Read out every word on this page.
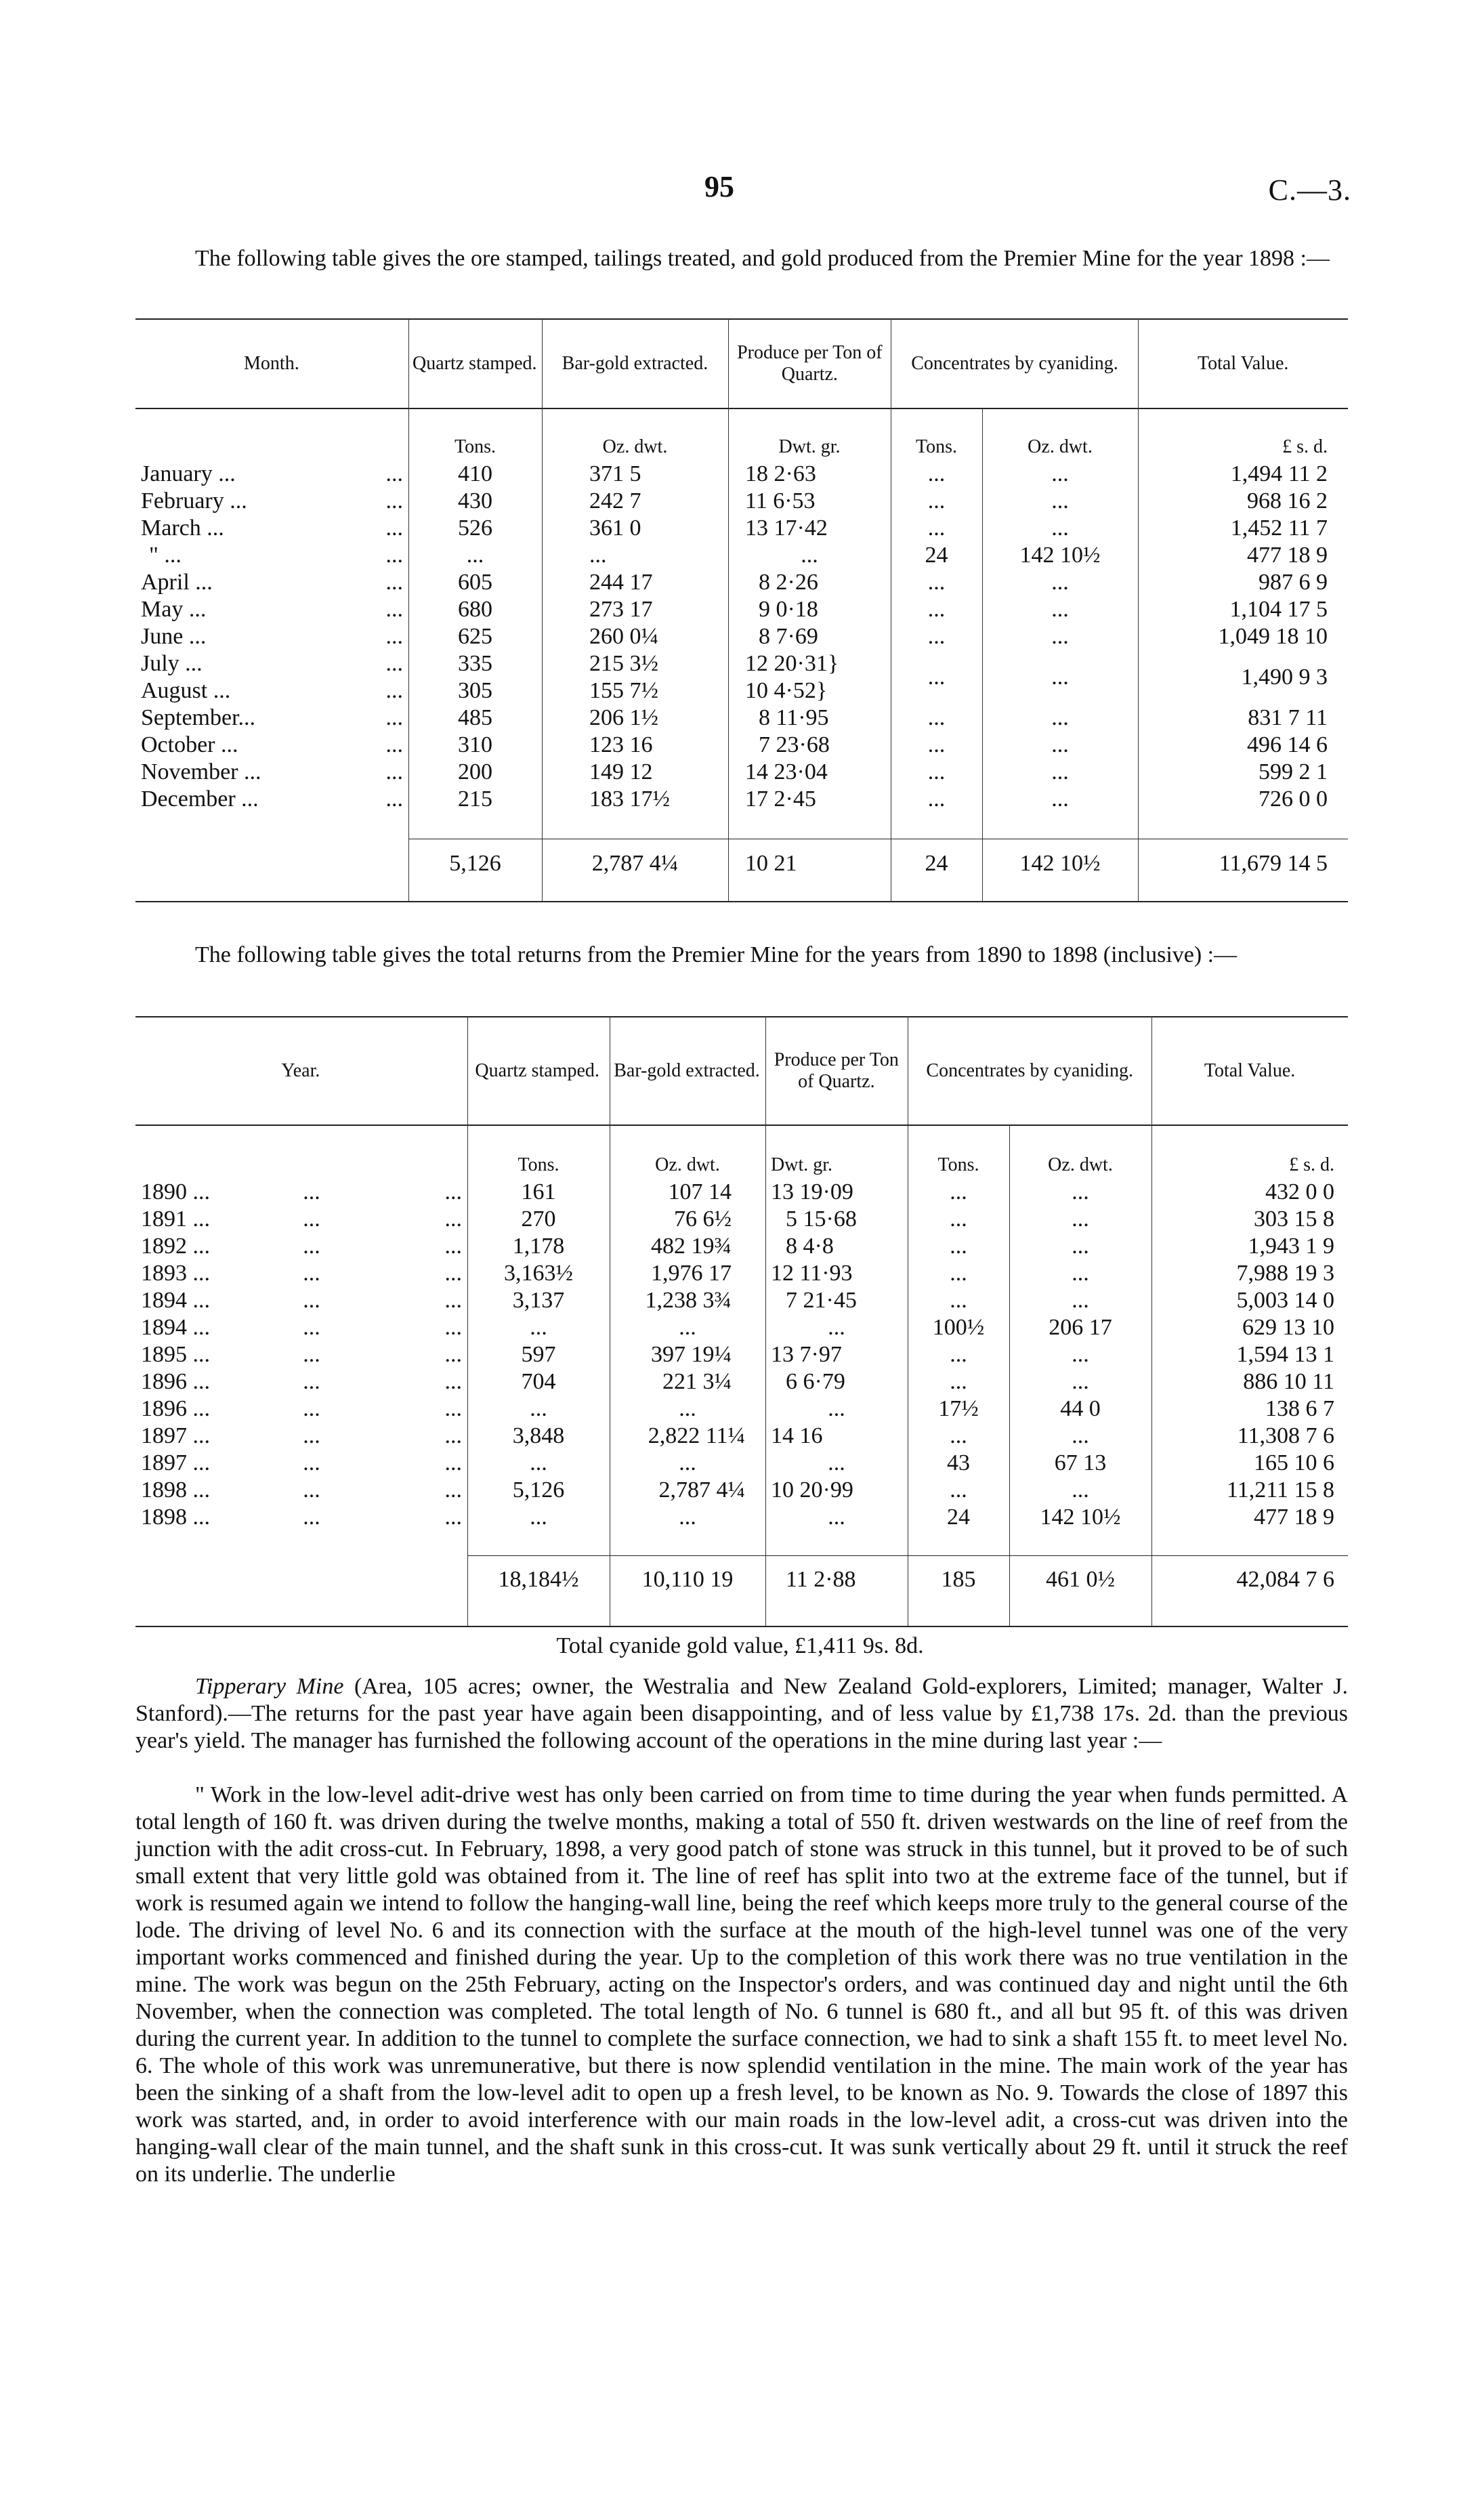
95	C.—3.

The following table gives the ore stamped, tailings treated, and gold produced from the Premier Mine for the year 1898 :—

Month.	Quartz stamped.	Bar-gold extracted.	Produce per Ton of Quartz.	Concentrates by cyaniding.	Total Value.
		Tons.	Oz. dwt.	Dwt. gr.	Tons.	Oz. dwt.	£ s. d.
January ...	...	410	371 5	18 2·63	...	...	1,494 11 2
February ...	...	430	242 7	11 6·53	...	...	968 16 2
March ...	...	526	361 0	13 17·42	...	...	1,452 11 7
" ...	...	...	...	...	24	142 10½	477 18 9
April ...	...	605	244 17	8 2·26	...	...	987 6 9
May ...	...	680	273 17	9 0·18	...	...	1,104 17 5
June ...	...	625	260 0¼	8 7·69	...	...	1,049 18 10
July ...	...	335	215 3½	12 20·31}	...	...	1,490 9 3
August ...	...	305	155 7½	10 4·52}			
September...	...	485	206 1½	8 11·95	...	...	831 7 11
October ...	...	310	123 16	7 23·68	...	...	496 14 6
November ...	...	200	149 12	14 23·04	...	...	599 2 1
December ...	...	215	183 17½	17 2·45	...	...	726 0 0
	5,126	2,787 4¼	10 21	24	142 10½	11,679 14 5

The following table gives the total returns from the Premier Mine for the years from 1890 to 1898 (inclusive) :—

Year.	Quartz stamped.	Bar-gold extracted.	Produce per Ton of Quartz.	Concentrates by cyaniding.	Total Value.
			Tons.	Oz. dwt.	Dwt. gr.	Tons.	Oz. dwt.	£ s. d.
1890 ...	...	...	161	107 14	13 19·09	...	...	432 0 0
1891 ...	...	...	270	76 6½	5 15·68	...	...	303 15 8
1892 ...	...	...	1,178	482 19¾	8 4·8	...	...	1,943 1 9
1893 ...	...	...	3,163½	1,976 17	12 11·93	...	...	7,988 19 3
1894 ...	...	...	3,137	1,238 3¾	7 21·45	...	...	5,003 14 0
1894 ...	...	...	...	...	...	100½	206 17	629 13 10
1895 ...	...	...	597	397 19¼	13 7·97	...	...	1,594 13 1
1896 ...	...	...	704	221 3¼	6 6·79	...	...	886 10 11
1896 ...	...	...	...	...	...	17½	44 0	138 6 7
1897 ...	...	...	3,848	2,822 11¼	14 16	...	...	11,308 7 6
1897 ...	...	...	...	...	...	43	67 13	165 10 6
1898 ...	...	...	5,126	2,787 4¼	10 20·99	...	...	11,211 15 8
1898 ...	...	...	...	...	...	24	142 10½	477 18 9
	18,184½	10,110 19	11 2·88	185	461 0½	42,084 7 6
Total cyanide gold value, £1,411 9s. 8d.

Tipperary Mine (Area, 105 acres; owner, the Westralia and New Zealand Gold-explorers, Limited; manager, Walter J. Stanford).—The returns for the past year have again been disappointing, and of less value by £1,738 17s. 2d. than the previous year's yield. The manager has furnished the following account of the operations in the mine during last year :—

" Work in the low-level adit-drive west has only been carried on from time to time during the year when funds permitted. A total length of 160 ft. was driven during the twelve months, making a total of 550 ft. driven westwards on the line of reef from the junction with the adit cross-cut. In February, 1898, a very good patch of stone was struck in this tunnel, but it proved to be of such small extent that very little gold was obtained from it. The line of reef has split into two at the extreme face of the tunnel, but if work is resumed again we intend to follow the hanging-wall line, being the reef which keeps more truly to the general course of the lode. The driving of level No. 6 and its connection with the surface at the mouth of the high-level tunnel was one of the very important works commenced and finished during the year. Up to the completion of this work there was no true ventilation in the mine. The work was begun on the 25th February, acting on the Inspector's orders, and was continued day and night until the 6th November, when the connection was completed. The total length of No. 6 tunnel is 680 ft., and all but 95 ft. of this was driven during the current year. In addition to the tunnel to complete the surface connection, we had to sink a shaft 155 ft. to meet level No. 6. The whole of this work was unremunerative, but there is now splendid ventilation in the mine. The main work of the year has been the sinking of a shaft from the low-level adit to open up a fresh level, to be known as No. 9. Towards the close of 1897 this work was started, and, in order to avoid interference with our main roads in the low-level adit, a cross-cut was driven into the hanging-wall clear of the main tunnel, and the shaft sunk in this cross-cut. It was sunk vertically about 29 ft. until it struck the reef on its underlie. The underlie
